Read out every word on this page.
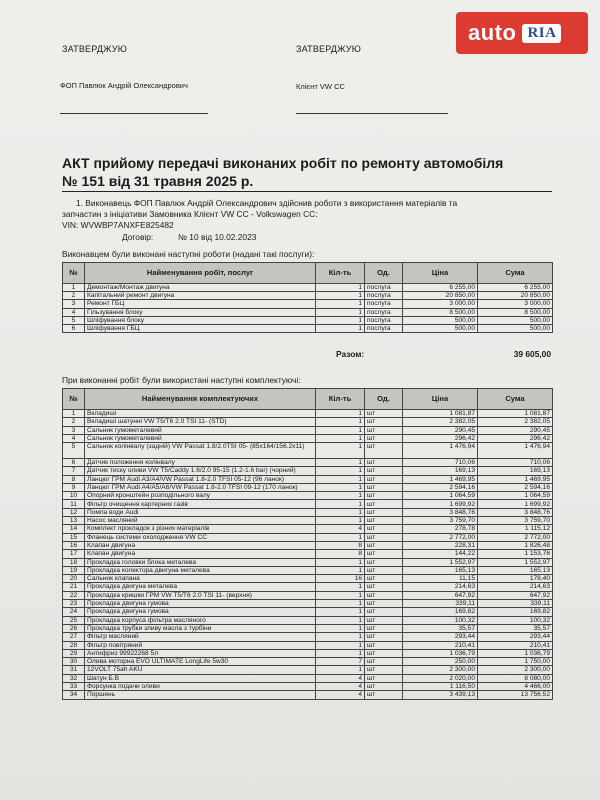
auto RIA
ЗАТВЕРДЖУЮ
ФОП Павлюк Андрій Олександрович
ЗАТВЕРДЖУЮ
Клієнт VW CC
АКТ прийому передачі виконаних робіт по ремонту автомобіля
№ 151 від 31 травня 2025 р.
1. Виконавець ФОП Павлюк Андрій Олександрович здійснив роботи з використання матеріалів та
запчастин з ініціативи Замовника Клієнт VW CC - Volkswagen CC:
VIN: WVWBP7ANXFE825482
Договір:	№ 10 від 10.02.2023
Виконавцем були виконані наступні роботи (надані такі послуги):
№	Найменування робіт, послуг	Кіл-ть	Од.	Ціна	Сума
1	Демонтаж/Монтаж двигуна	1	послуга	6 255,00	6 255,00
2	Капітальний ремонт двигуна	1	послуга	20 850,00	20 850,00
3	Ремонт ГБЦ	1	послуга	3 000,00	3 000,00
4	Гільзування блоку	1	послуга	8 500,00	8 500,00
5	Шліфування блоку	1	послуга	500,00	500,00
6	Шліфування ГБЦ	1	послуга	500,00	500,00
Разом:	39 605,00
При виконанні робіт були використані наступні комплектуючі:
№	Найменування комплектуючих	Кіл-ть	Од.	Ціна	Сума
1	Вкладиші	1	шт	1 081,87	1 081,87
2	Вкладиші шатунні VW T5/T6 2.0 TSI 11- (STD)	1	шт	2 382,05	2 382,05
3	Сальник гумометалевий	1	шт	290,45	290,45
4	Сальник гумометалевий	1	шт	296,42	296,42
5	Сальник колінвалу (задній) VW Passat 1.8/2.0TSI 05- (85x164/156.2x11)	1	шт	1 476,94	1 476,94
6	Датчик положення колінвалу	1	шт	710,06	710,06
7	Датчик тиску оливи VW T5/Caddy 1.6/2.0 95-15 (1.2-1.6 bar) (чорний)	1	шт	169,13	169,13
8	Ланцюг ГРМ Audi A3/A4/VW Passat 1.8-2.0 TFSI 05-12 (96 ланок)	1	шт	1 469,95	1 469,95
9	Ланцюг ГРМ Audi A4/A5/A6/VW Passat 1.8-2.0 TFSI 09-12 (170 ланок)	1	шт	2 594,16	2 594,16
10	Опорний кронштейн розподільного валу	1	шт	1 064,59	1 064,59
11	Фільтр очищення картерних газів	1	шт	1 699,92	1 699,92
12	Помпа води Audi	1	шт	3 848,76	3 848,76
13	Насос масляний	1	шт	3 759,70	3 759,70
14	Комплект прокладок з різних матеріалів	4	шт	278,78	1 115,12
15	Фланець системи охолодження VW CC	1	шт	2 772,00	2 772,00
16	Клапан двигуна	8	шт	228,31	1 826,48
17	Клапан двигуна	8	шт	144,22	1 153,76
18	Прокладка головки блока металева	1	шт	1 552,97	1 552,97
19	Прокладка колектора двигуна металева	1	шт	165,13	165,13
20	Сальник клапана	16	шт	11,15	178,40
21	Прокладка двигуна металева	1	шт	214,63	214,63
22	Прокладка кришки ГРМ VW T5/T6 2.0 TSI 11- (верхня)	1	шт	647,92	647,92
23	Прокладка двигуна гумова	1	шт	339,11	339,11
24	Прокладка двигуна гумова	1	шт	169,82	169,82
25	Прокладка корпуса фільтра масляного	1	шт	100,32	100,32
26	Прокладка трубки зливу масла з турбіни	1	шт	35,57	35,57
27	Фільтр масляний	1	шт	293,44	293,44
28	Фільтр повітряний	1	шт	210,41	210,41
29	Антифриз 99922268 5л	1	шт	1 036,79	1 036,79
30	Олива моторна EVO ULTIMATE LongLife 5w30	7	шт	250,00	1 750,00
31	12VOLT 75ah AKU	1	шт	2 300,00	2 300,00
32	Шатун Б.В	4	шт	2 020,00	8 080,00
33	Форсунка подачи оливи	4	шт	1 116,50	4 466,00
34	Поршень	4	шт	3 439,13	13 756,52
